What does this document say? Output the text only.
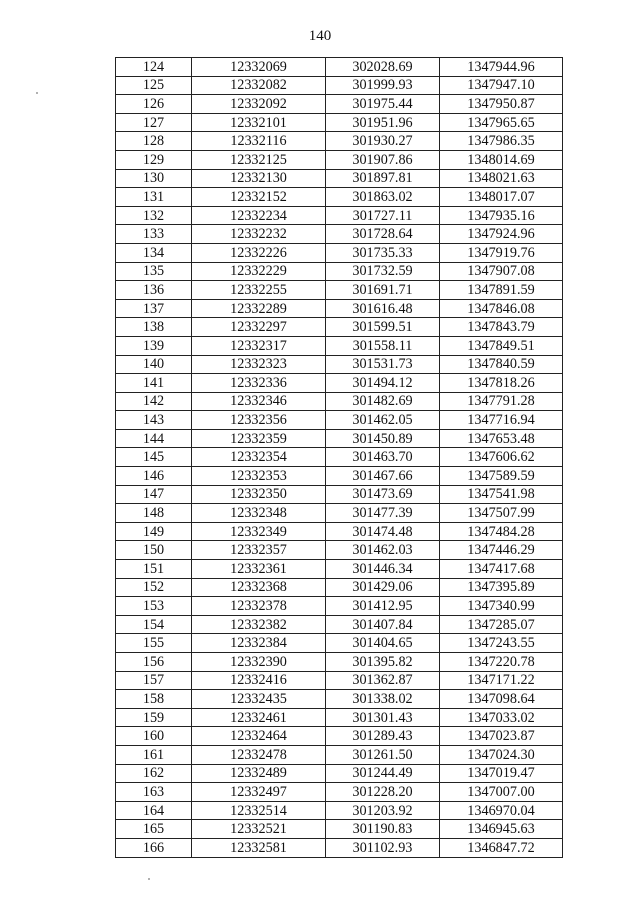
140
124	12332069	302028.69	1347944.96
125	12332082	301999.93	1347947.10
126	12332092	301975.44	1347950.87
127	12332101	301951.96	1347965.65
128	12332116	301930.27	1347986.35
129	12332125	301907.86	1348014.69
130	12332130	301897.81	1348021.63
131	12332152	301863.02	1348017.07
132	12332234	301727.11	1347935.16
133	12332232	301728.64	1347924.96
134	12332226	301735.33	1347919.76
135	12332229	301732.59	1347907.08
136	12332255	301691.71	1347891.59
137	12332289	301616.48	1347846.08
138	12332297	301599.51	1347843.79
139	12332317	301558.11	1347849.51
140	12332323	301531.73	1347840.59
141	12332336	301494.12	1347818.26
142	12332346	301482.69	1347791.28
143	12332356	301462.05	1347716.94
144	12332359	301450.89	1347653.48
145	12332354	301463.70	1347606.62
146	12332353	301467.66	1347589.59
147	12332350	301473.69	1347541.98
148	12332348	301477.39	1347507.99
149	12332349	301474.48	1347484.28
150	12332357	301462.03	1347446.29
151	12332361	301446.34	1347417.68
152	12332368	301429.06	1347395.89
153	12332378	301412.95	1347340.99
154	12332382	301407.84	1347285.07
155	12332384	301404.65	1347243.55
156	12332390	301395.82	1347220.78
157	12332416	301362.87	1347171.22
158	12332435	301338.02	1347098.64
159	12332461	301301.43	1347033.02
160	12332464	301289.43	1347023.87
161	12332478	301261.50	1347024.30
162	12332489	301244.49	1347019.47
163	12332497	301228.20	1347007.00
164	12332514	301203.92	1346970.04
165	12332521	301190.83	1346945.63
166	12332581	301102.93	1346847.72
